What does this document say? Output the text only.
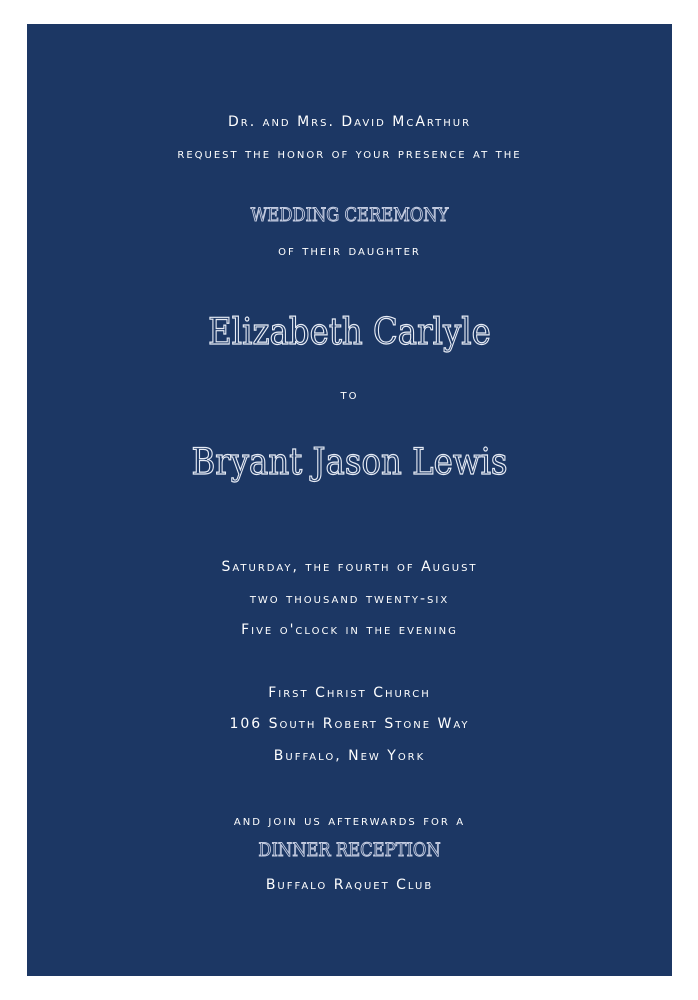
Dr. and Mrs. David McArthur
request the honor of your presence at the
WEDDING CEREMONY
of their daughter
Elizabeth Carlyle
to
Bryant Jason Lewis
Saturday, the fourth of August
two thousand twenty-six
Five o'clock in the evening
First Christ Church
106 South Robert Stone Way
Buffalo, New York
and join us afterwards for a
DINNER RECEPTION
Buffalo Raquet Club
